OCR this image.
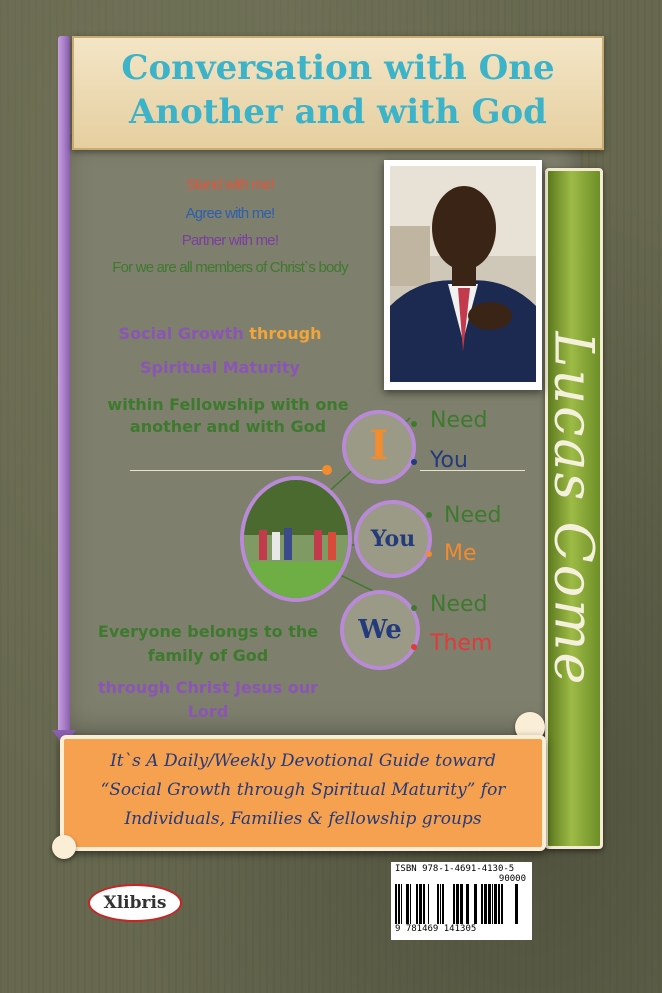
Conversation with One Another and with God

Lucas Come
Stand with me!
Agree with me!
Partner with me!
For we are all members of Christ`s body
Social Growth through
Spiritual Maturity
within Fellowship with one another and with God	I
Need
You
You
Need
Me
We
Need
Them
Everyone belongs to the family of God
through Christ Jesus our Lord

It`s A Daily/Weekly Devotional Guide toward
“Social Growth through Spiritual Maturity” for
Individuals, Families & fellowship groups

ISBN 978-1-4691-4130-5
90000
9 781469 141305
Xlibris
